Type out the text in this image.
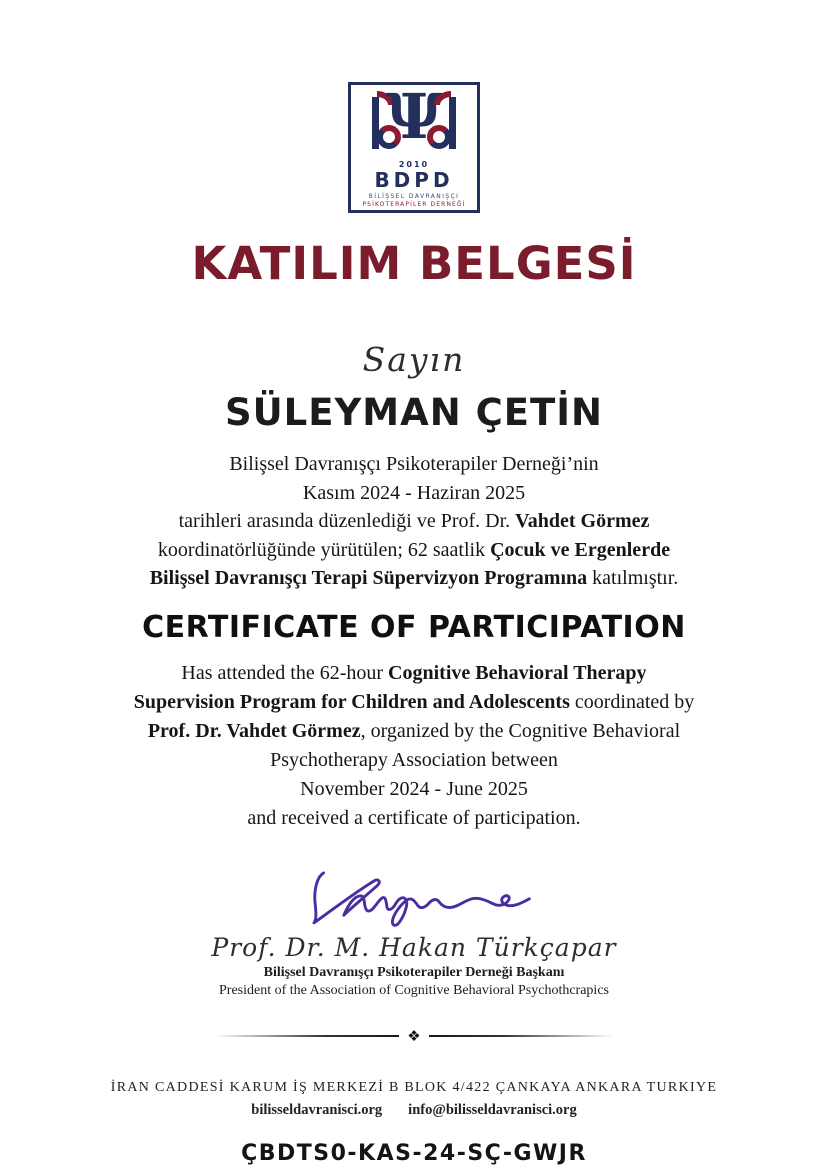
Ψ
2010
BDPD
BİLİŞSEL DAVRANIŞÇI
PSİKOTERAPİLER DERNEĞİ
KATILIM BELGESİ
Sayın
SÜLEYMAN ÇETİN
Bilişsel Davranışçı Psikoterapiler Derneği’nin
Kasım 2024 - Haziran 2025
tarihleri arasında düzenlediği ve Prof. Dr. Vahdet Görmez
koordinatörlüğünde yürütülen; 62 saatlik Çocuk ve Ergenlerde
Bilişsel Davranışçı Terapi Süpervizyon Programına katılmıştır.
CERTIFICATE OF PARTICIPATION
Has attended the 62-hour Cognitive Behavioral Therapy
Supervision Program for Children and Adolescents coordinated by
Prof. Dr. Vahdet Görmez, organized by the Cognitive Behavioral
Psychotherapy Association between
November 2024 - June 2025
and received a certificate of participation.
Prof. Dr. M. Hakan Türkçapar
Bilişsel Davranışçı Psikoterapiler Derneği Başkanı
President of the Association of Cognitive Behavioral Psychothcrapics
❖
İRAN CADDESİ KARUM İŞ MERKEZİ B BLOK 4/422 ÇANKAYA ANKARA TURKIYE
bilisseldavranisci.org info@bilisseldavranisci.org
ÇBDTS0-KAS-24-SÇ-GWJR
